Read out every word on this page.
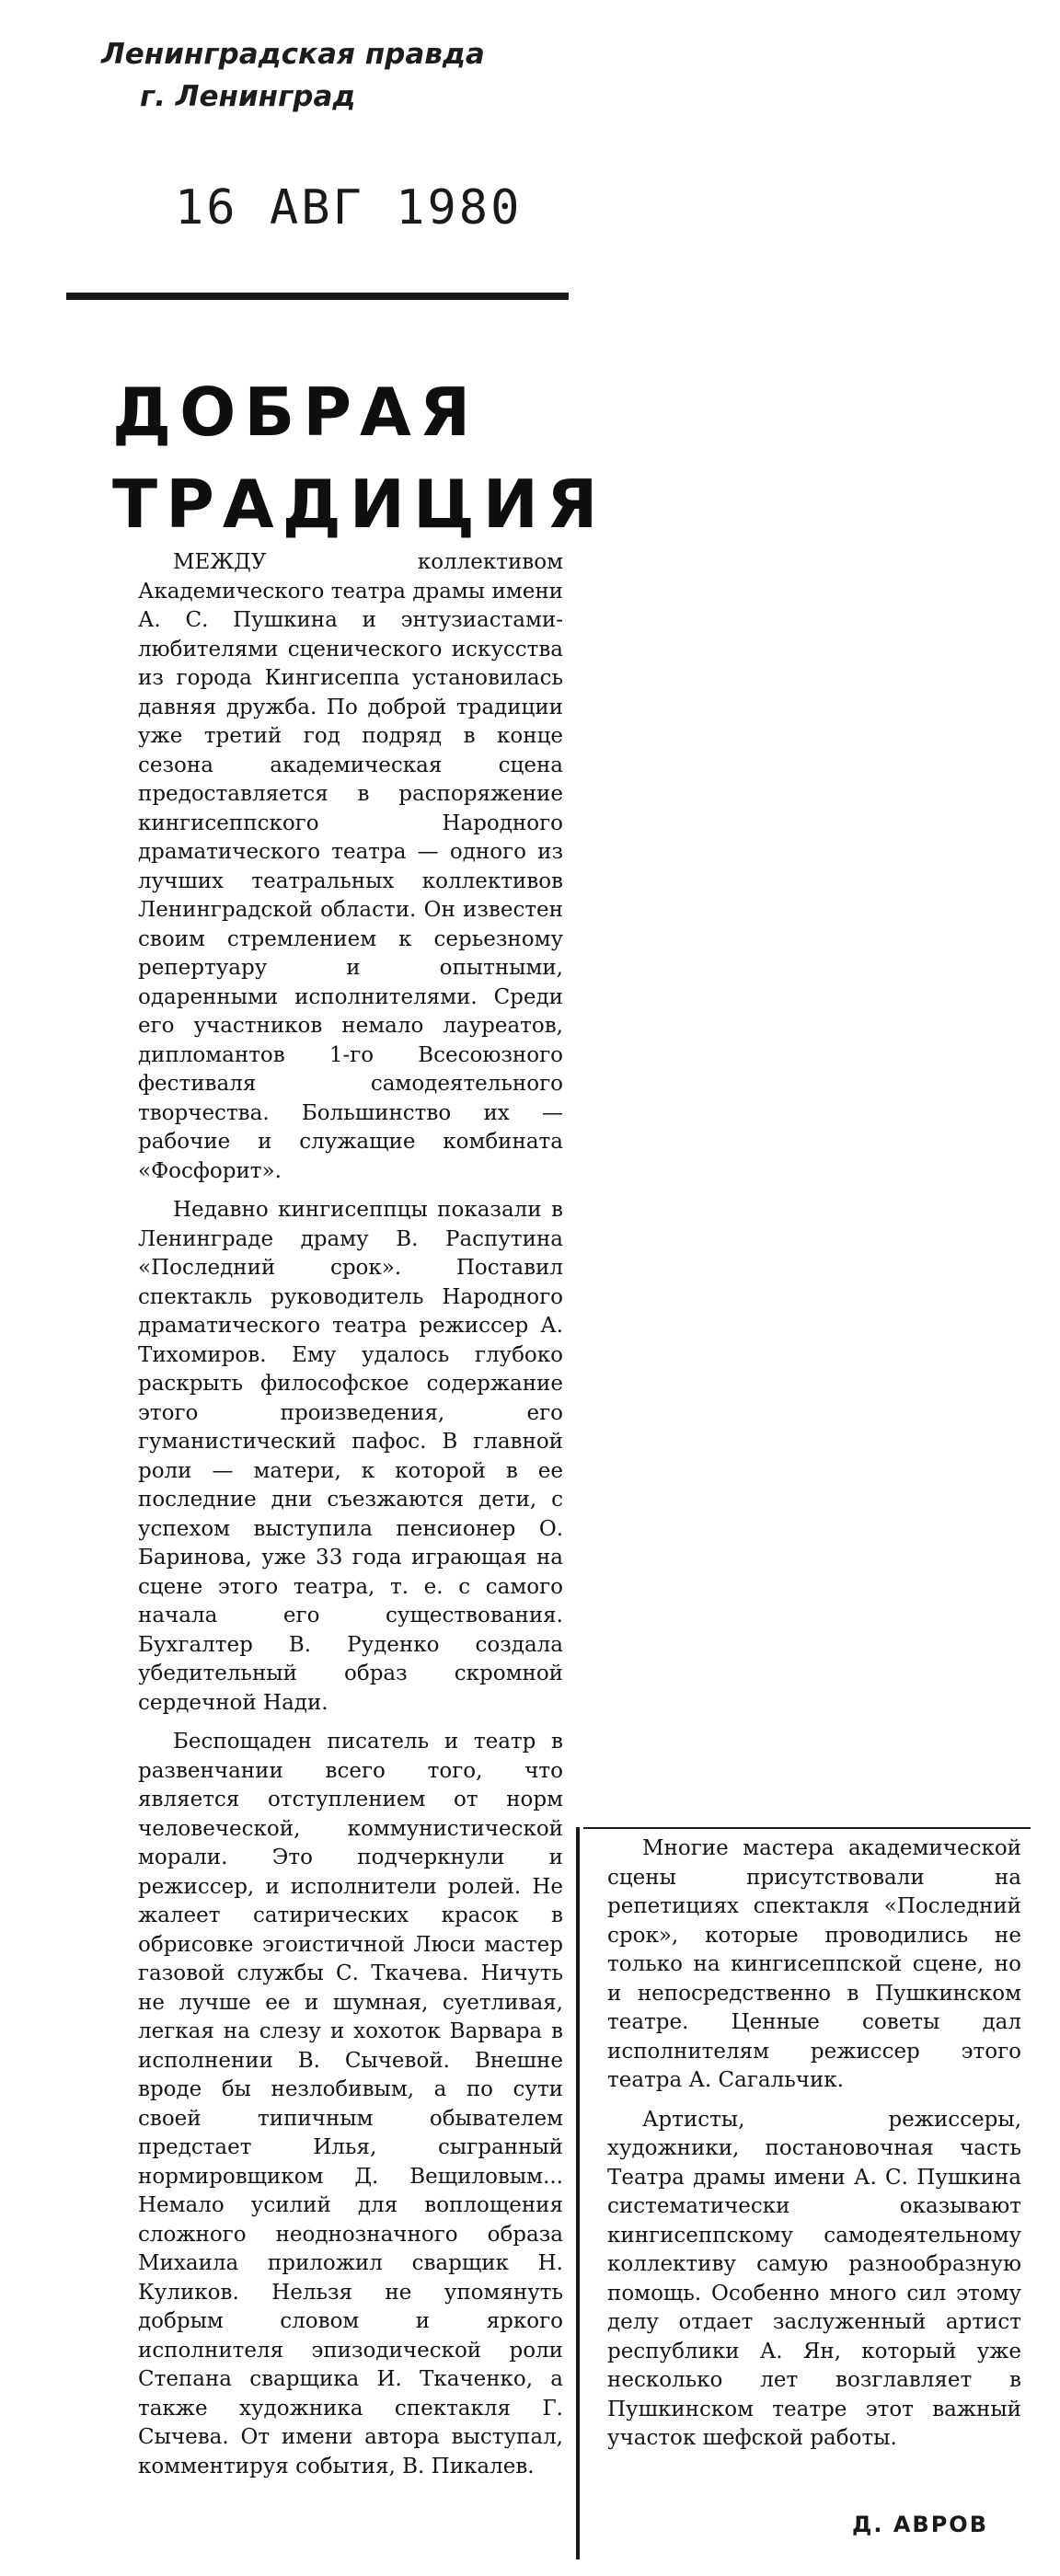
Ленинградская правда
г. Ленинград
16 АВГ 1980
ДОБРАЯ
ТРАДИЦИЯ

МЕЖДУ коллективом Академического театра драмы имени А. С. Пушкина и энтузиастами-любителями сценического искусства из города Кингисеппа установилась давняя дружба. По доброй традиции уже третий год подряд в конце сезона академическая сцена предоставляется в распоряжение кингисеппского Народного драматического театра — одного из лучших театральных коллективов Ленинградской области. Он известен своим стремлением к серьезному репертуару и опытными, одаренными исполнителями. Среди его участников немало лауреатов, дипломантов 1-го Всесоюзного фестиваля самодеятельного творчества. Большинство их — рабочие и служащие комбината «Фосфорит».

Недавно кингисеппцы показали в Ленинграде драму В. Распутина «Последний срок». Поставил спектакль руководитель Народного драматического театра режиссер А. Тихомиров. Ему удалось глубоко раскрыть философское содержание этого произведения, его гуманистический пафос. В главной роли — матери, к которой в ее последние дни съезжаются дети, с успехом выступила пенсионер О. Баринова, уже 33 года играющая на сцене этого театра, т. е. с самого начала его существования. Бухгалтер В. Руденко создала убедительный образ скромной сердечной Нади.

Беспощаден писатель и театр в развенчании всего того, что является отступлением от норм человеческой, коммунистической морали. Это подчеркнули и режиссер, и исполнители ролей. Не жалеет сатирических красок в обрисовке эгоистичной Люси мастер газовой службы С. Ткачева. Ничуть не лучше ее и шумная, суетливая, легкая на слезу и хохоток Варвара в исполнении В. Сычевой. Внешне вроде бы незлобивым, а по сути своей типичным обывателем предстает Илья, сыгранный нормировщиком Д. Вещиловым... Немало усилий для воплощения сложного неоднозначного образа Михаила приложил сварщик Н. Куликов. Нельзя не упомянуть добрым словом и яркого исполнителя эпизодической роли Степана сварщика И. Ткаченко, а также художника спектакля Г. Сычева. От имени автора выступал, комментируя события, В. Пикалев.

Многие мастера академической сцены присутствовали на репетициях спектакля «Последний срок», которые проводились не только на кингисеппской сцене, но и непосредственно в Пушкинском театре. Ценные советы дал исполнителям режиссер этого театра А. Сагальчик.

Артисты, режиссеры, художники, постановочная часть Театра драмы имени А. С. Пушкина систематически оказывают кингисеппскому самодеятельному коллективу самую разнообразную помощь. Особенно много сил этому делу отдает заслуженный артист республики А. Ян, который уже несколько лет возглавляет в Пушкинском театре этот важный участок шефской работы.

Д. АВРОВ
